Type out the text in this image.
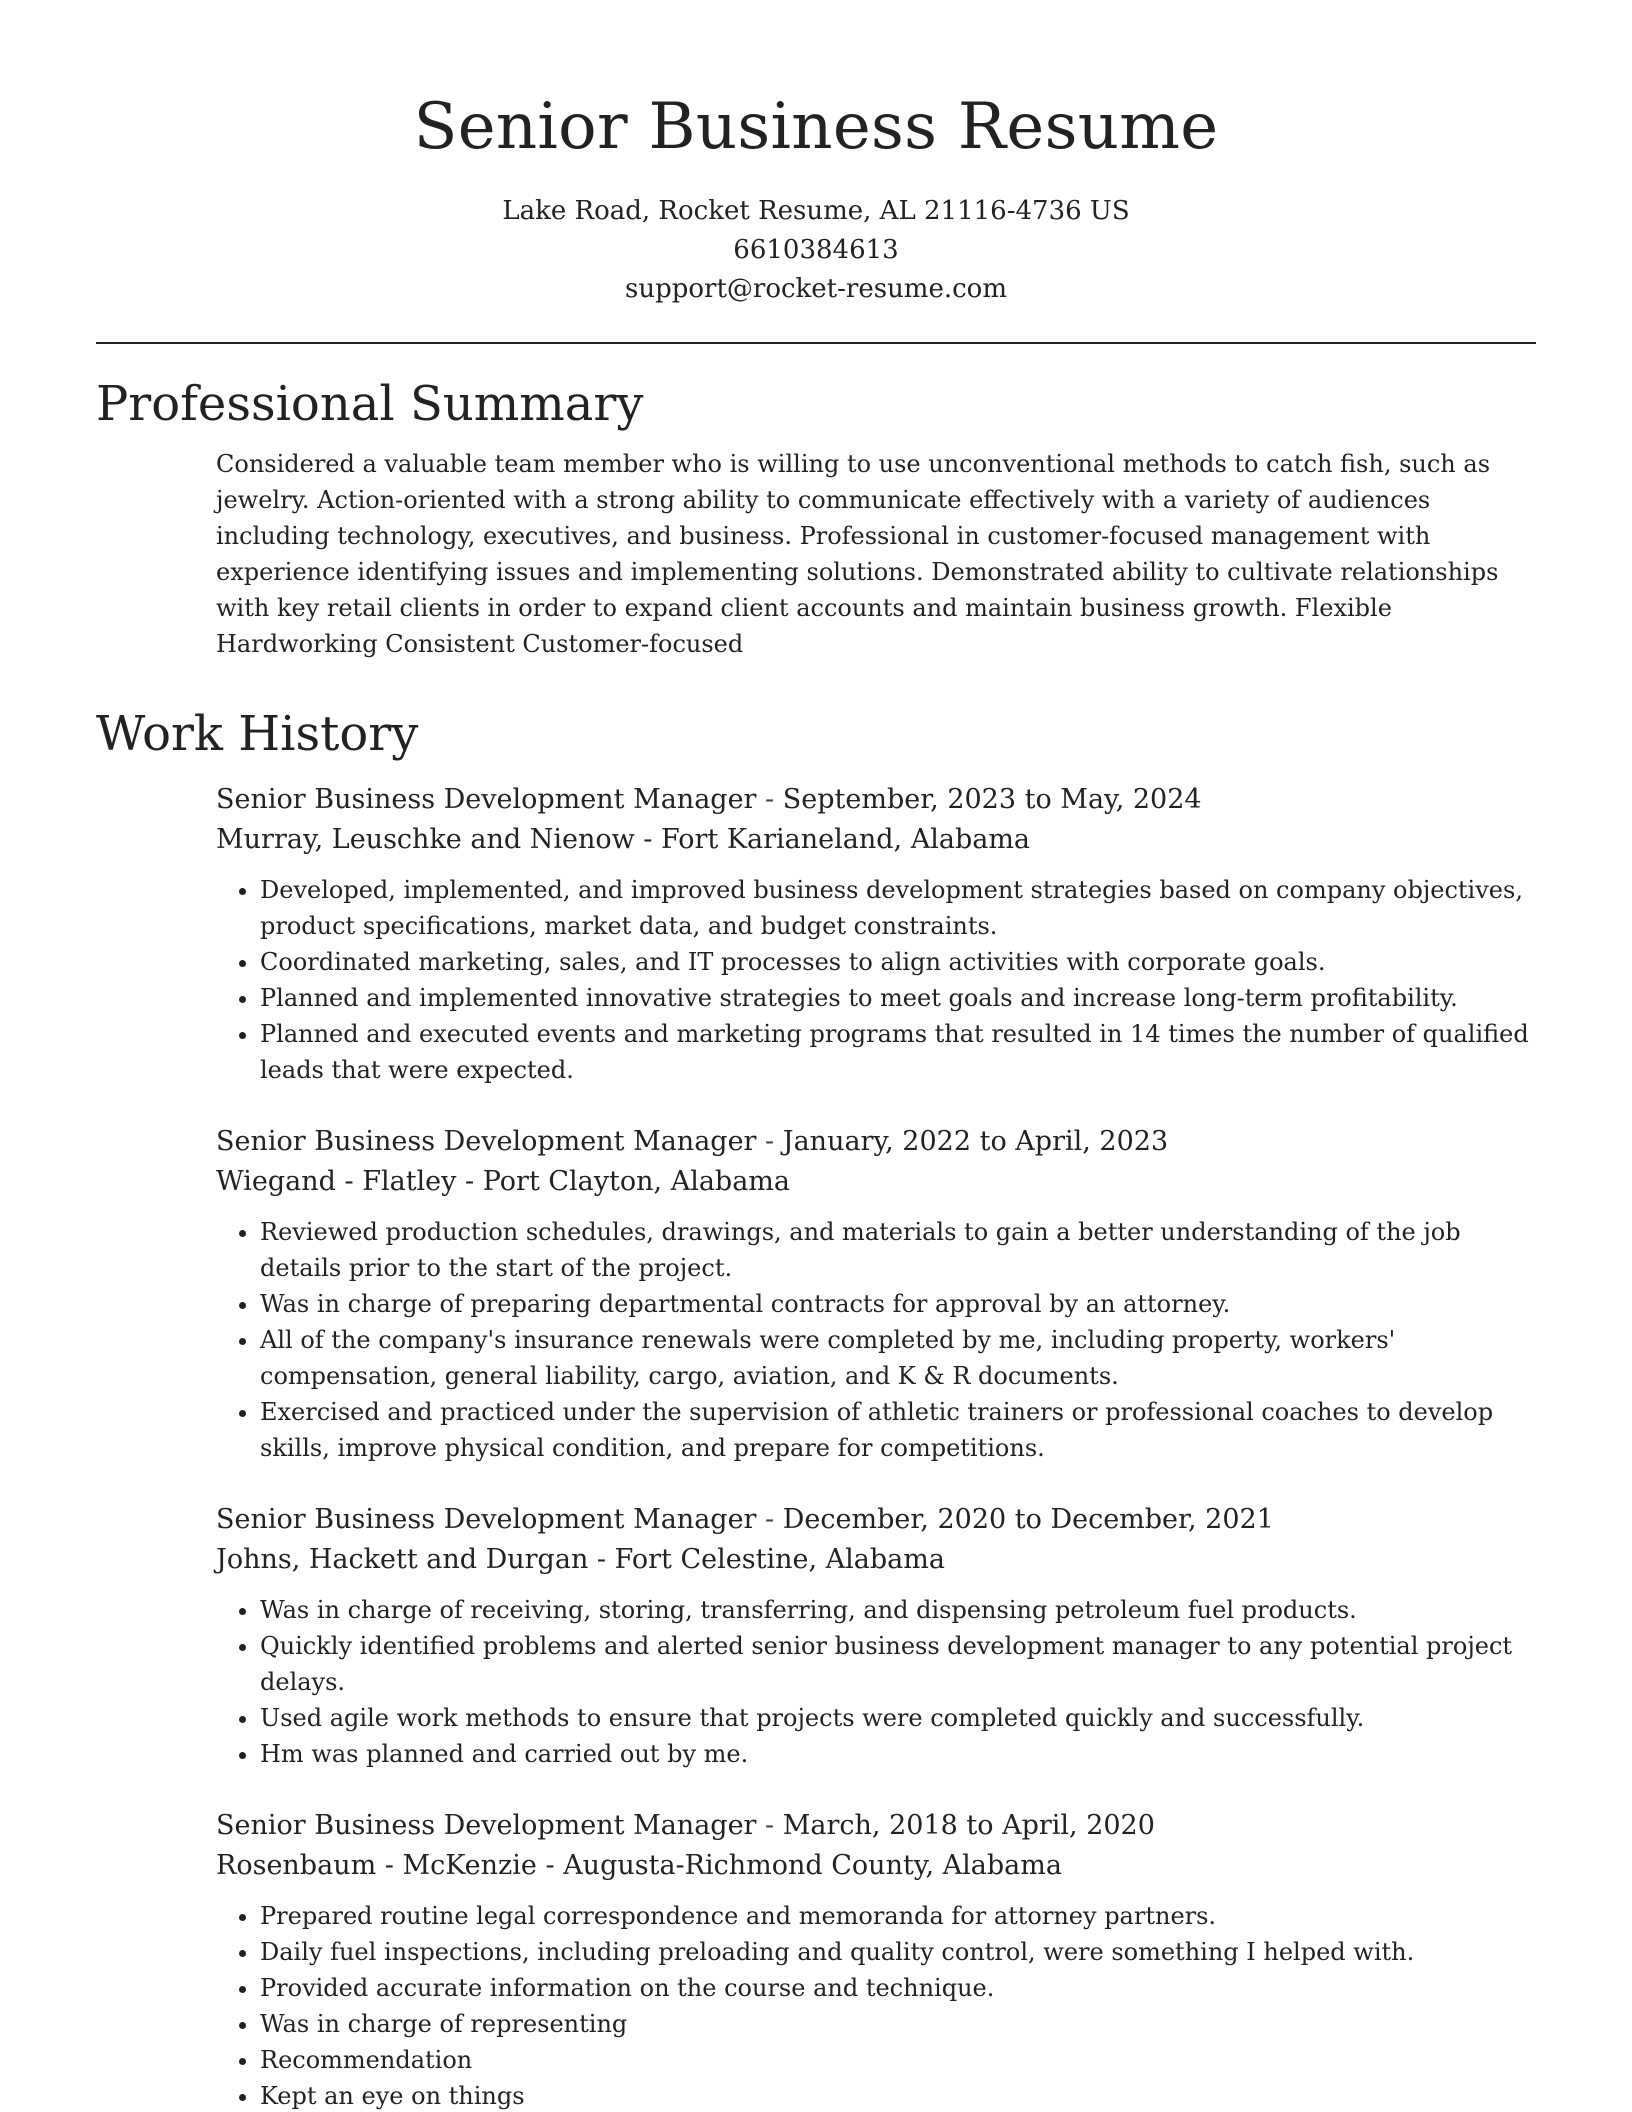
Senior Business Resume

Lake Road, Rocket Resume, AL 21116-4736 US

6610384613

support@rocket-resume.com

Professional Summary

Considered a valuable team member who is willing to use unconventional methods to catch fish, such as jewelry. Action-oriented with a strong ability to communicate effectively with a variety of audiences including technology, executives, and business. Professional in customer-focused management with experience identifying issues and implementing solutions. Demonstrated ability to cultivate relationships with key retail clients in order to expand client accounts and maintain business growth. Flexible Hardworking Consistent Customer-focused

Work History

Senior Business Development Manager - September, 2023 to May, 2024

Murray, Leuschke and Nienow - Fort Karianeland, Alabama

• Developed, implemented, and improved business development strategies based on company objectives, product specifications, market data, and budget constraints.
• Coordinated marketing, sales, and IT processes to align activities with corporate goals.
• Planned and implemented innovative strategies to meet goals and increase long-term profitability.
• Planned and executed events and marketing programs that resulted in 14 times the number of qualified leads that were expected.

Senior Business Development Manager - January, 2022 to April, 2023

Wiegand - Flatley - Port Clayton, Alabama

• Reviewed production schedules, drawings, and materials to gain a better understanding of the job details prior to the start of the project.
• Was in charge of preparing departmental contracts for approval by an attorney.
• All of the company's insurance renewals were completed by me, including property, workers' compensation, general liability, cargo, aviation, and K & R documents.
• Exercised and practiced under the supervision of athletic trainers or professional coaches to develop skills, improve physical condition, and prepare for competitions.

Senior Business Development Manager - December, 2020 to December, 2021

Johns, Hackett and Durgan - Fort Celestine, Alabama

• Was in charge of receiving, storing, transferring, and dispensing petroleum fuel products.
• Quickly identified problems and alerted senior business development manager to any potential project delays.
• Used agile work methods to ensure that projects were completed quickly and successfully.
• Hm was planned and carried out by me.

Senior Business Development Manager - March, 2018 to April, 2020

Rosenbaum - McKenzie - Augusta-Richmond County, Alabama

• Prepared routine legal correspondence and memoranda for attorney partners.
• Daily fuel inspections, including preloading and quality control, were something I helped with.
• Provided accurate information on the course and technique.
• Was in charge of representing
• Recommendation
• Kept an eye on things
